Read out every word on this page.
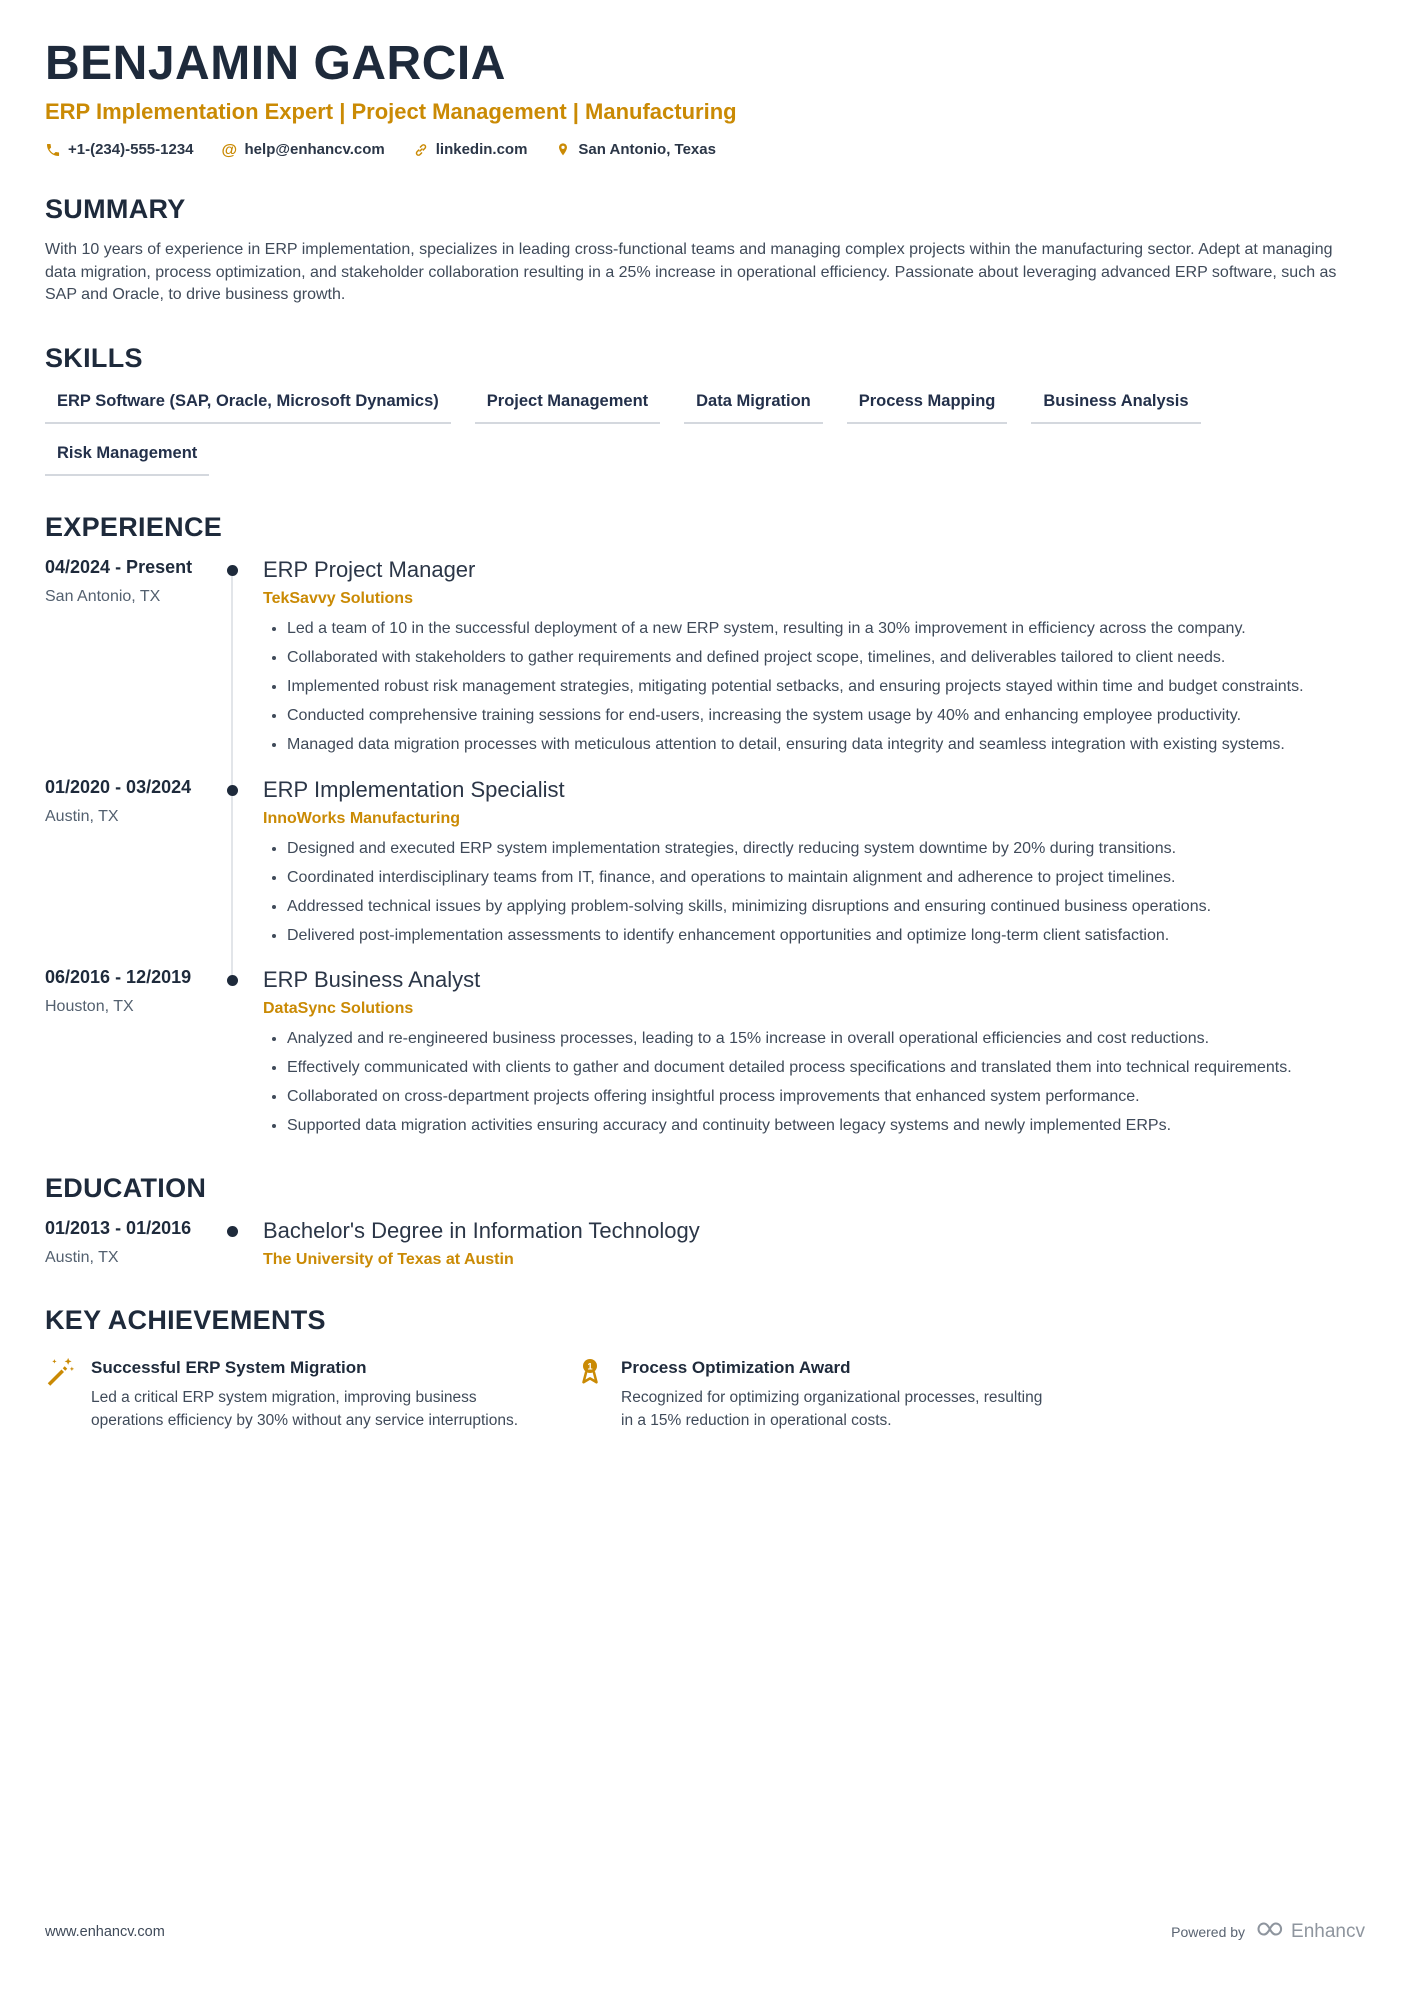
BENJAMIN GARCIA
ERP Implementation Expert | Project Management | Manufacturing
+1-(234)-555-1234 @ help@enhancv.com	linkedin.com	San Antonio, Texas
SUMMARY

With 10 years of experience in ERP implementation, specializes in leading cross-functional teams and managing complex projects within the manufacturing sector. Adept at managing data migration, process optimization, and stakeholder collaboration resulting in a 25% increase in operational efficiency. Passionate about leveraging advanced ERP software, such as SAP and Oracle, to drive business growth.

SKILLS
ERP Software (SAP, Oracle, Microsoft Dynamics)	Project Management	Data Migration	Process Mapping	Business Analysis
Risk Management
EXPERIENCE
04/2024 - Present
San Antonio, TX
ERP Project Manager
TekSavvy Solutions
• Led a team of 10 in the successful deployment of a new ERP system, resulting in a 30% improvement in efficiency across the company.
• Collaborated with stakeholders to gather requirements and defined project scope, timelines, and deliverables tailored to client needs.
• Implemented robust risk management strategies, mitigating potential setbacks, and ensuring projects stayed within time and budget constraints.
• Conducted comprehensive training sessions for end-users, increasing the system usage by 40% and enhancing employee productivity.
• Managed data migration processes with meticulous attention to detail, ensuring data integrity and seamless integration with existing systems.
01/2020 - 03/2024
Austin, TX
ERP Implementation Specialist
InnoWorks Manufacturing
• Designed and executed ERP system implementation strategies, directly reducing system downtime by 20% during transitions.
• Coordinated interdisciplinary teams from IT, finance, and operations to maintain alignment and adherence to project timelines.
• Addressed technical issues by applying problem-solving skills, minimizing disruptions and ensuring continued business operations.
• Delivered post-implementation assessments to identify enhancement opportunities and optimize long-term client satisfaction.
06/2016 - 12/2019
Houston, TX
ERP Business Analyst
DataSync Solutions
• Analyzed and re-engineered business processes, leading to a 15% increase in overall operational efficiencies and cost reductions.
• Effectively communicated with clients to gather and document detailed process specifications and translated them into technical requirements.
• Collaborated on cross-department projects offering insightful process improvements that enhanced system performance.
• Supported data migration activities ensuring accuracy and continuity between legacy systems and newly implemented ERPs.
EDUCATION
01/2013 - 01/2016
Austin, TX
Bachelor's Degree in Information Technology
The University of Texas at Austin
KEY ACHIEVEMENTS
Successful ERP System Migration
Led a critical ERP system migration, improving business operations efficiency by 30% without any service interruptions.
1 Process Optimization Award
Recognized for optimizing organizational processes, resulting in a 15% reduction in operational costs.
www.enhancv.com	Powered by Enhancv
